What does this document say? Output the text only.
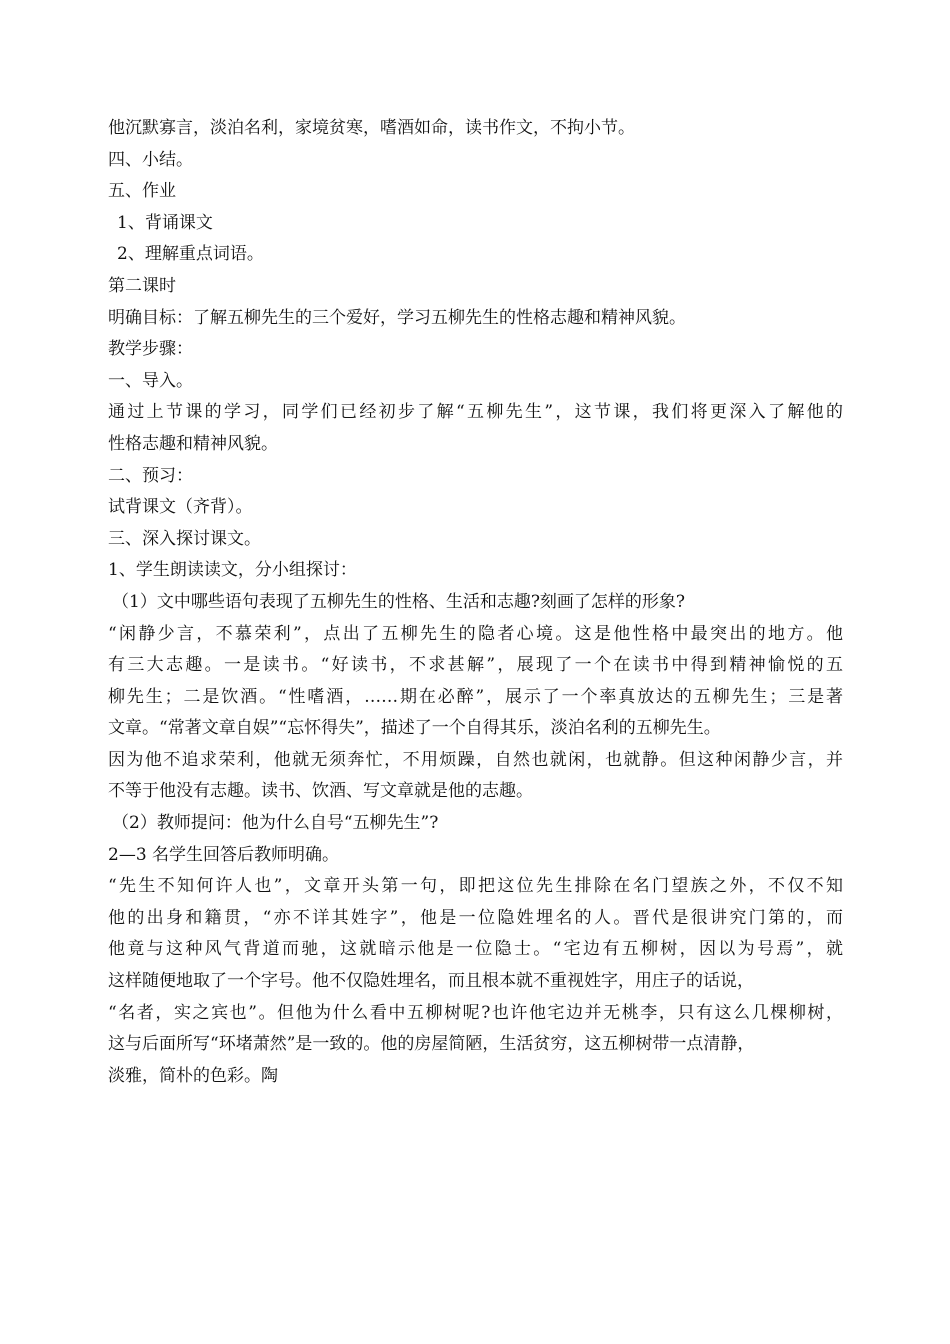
他沉默寡言，淡泊名利，家境贫寒，嗜酒如命，读书作文，不拘小节。

四、小结。

五、作业

1、背诵课文

2、理解重点词语。

第二课时

明确目标：了解五柳先生的三个爱好，学习五柳先生的性格志趣和精神风貌。

教学步骤：

一、导入。

通过上节课的学习，同学们已经初步了解“五柳先生”，这节课，我们将更深入了解他的

性格志趣和精神风貌。

二、预习：

试背课文（齐背）。

三、深入探讨课文。

1、学生朗读读文，分小组探讨：

（1）文中哪些语句表现了五柳先生的性格、生活和志趣?刻画了怎样的形象?

“闲静少言，不慕荣利”，点出了五柳先生的隐者心境。这是他性格中最突出的地方。他

有三大志趣。一是读书。“好读书，不求甚解”，展现了一个在读书中得到精神愉悦的五

柳先生；二是饮酒。“性嗜酒，……期在必醉”，展示了一个率真放达的五柳先生；三是著

文章。“常著文章自娱”“忘怀得失”，描述了一个自得其乐，淡泊名利的五柳先生。

因为他不追求荣利，他就无须奔忙，不用烦躁，自然也就闲，也就静。但这种闲静少言，并

不等于他没有志趣。读书、饮酒、写文章就是他的志趣。

（2）教师提问：他为什么自号“五柳先生”?

2—3 名学生回答后教师明确。

“先生不知何许人也”，文章开头第一句，即把这位先生排除在名门望族之外，不仅不知

他的出身和籍贯，“亦不详其姓字”，他是一位隐姓埋名的人。晋代是很讲究门第的，而

他竟与这种风气背道而驰，这就暗示他是一位隐士。“宅边有五柳树，因以为号焉”，就

这样随便地取了一个字号。他不仅隐姓埋名，而且根本就不重视姓字，用庄子的话说，

“名者，实之宾也”。但他为什么看中五柳树呢?也许他宅边并无桃李，只有这么几棵柳树，

这与后面所写“环堵萧然”是一致的。他的房屋简陋，生活贫穷，这五柳树带一点清静，

淡雅，简朴的色彩。陶
